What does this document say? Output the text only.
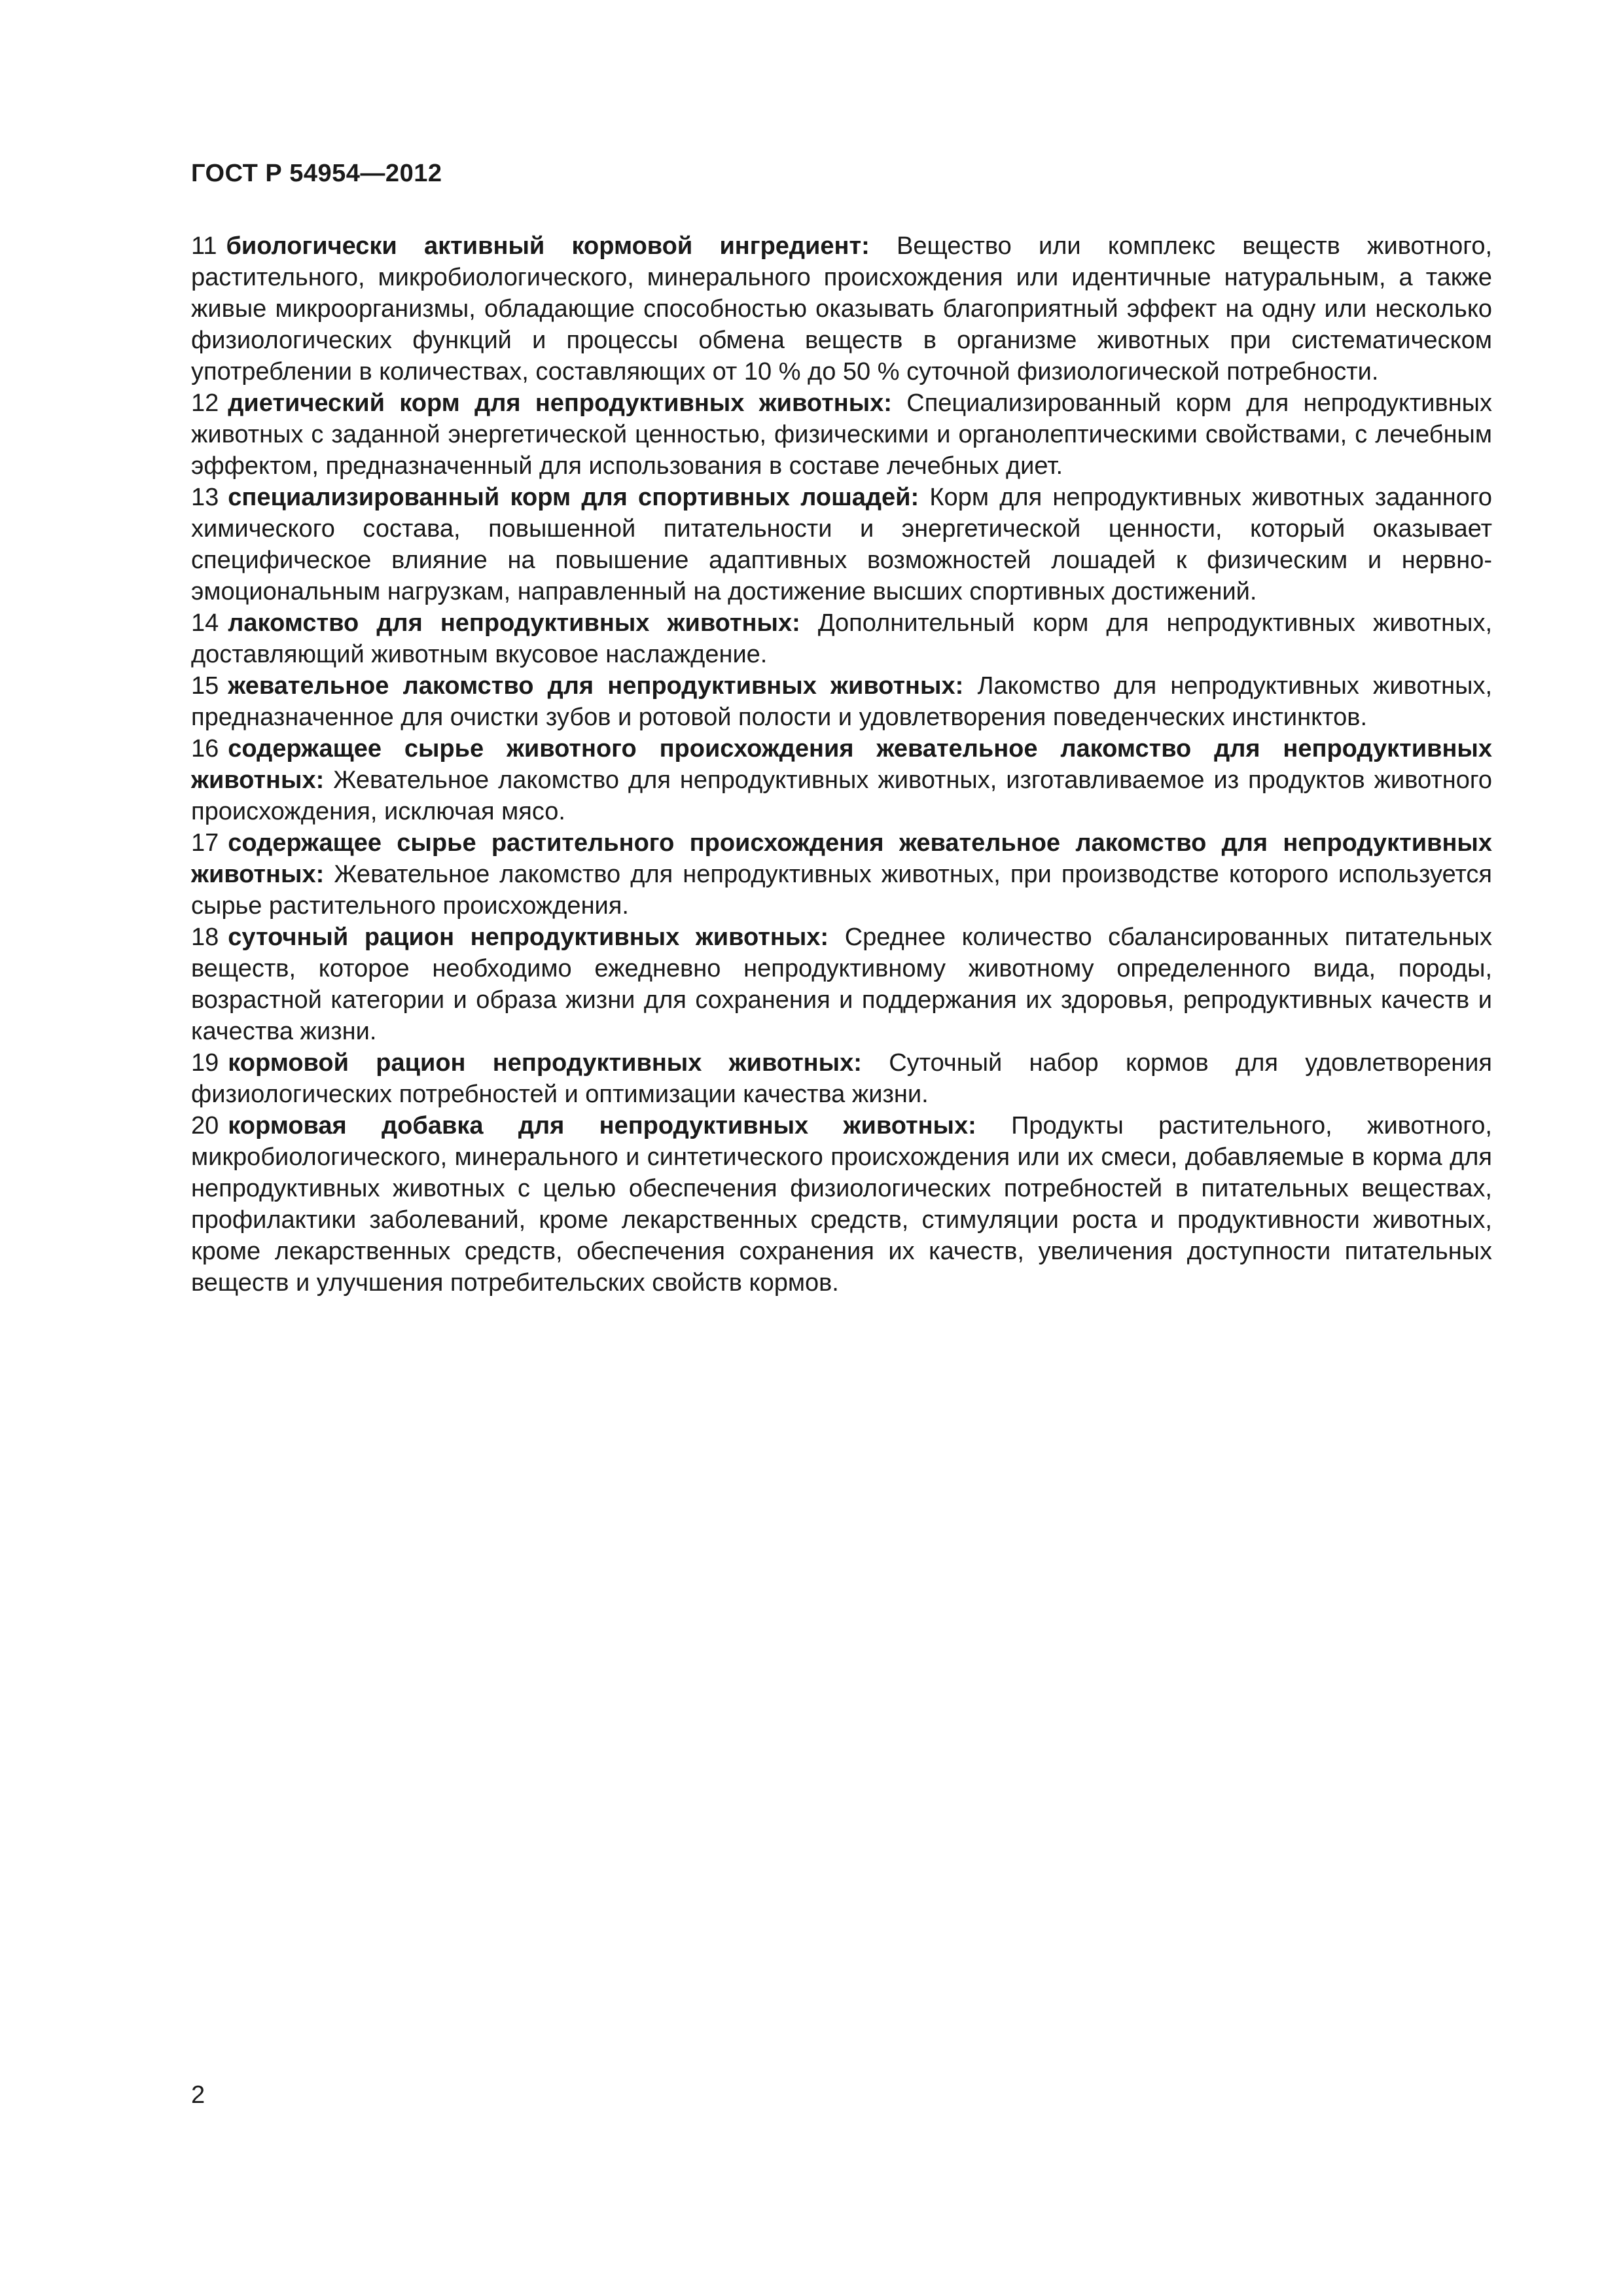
ГОСТ Р 54954—2012

11 биологически активный кормовой ингредиент: Вещество или комплекс веществ животного, растительного, микробиологического, минерального происхождения или идентичные натуральным, а также живые микроорганизмы, обладающие способностью оказывать благоприятный эффект на одну или несколько физиологических функций и процессы обмена веществ в организме животных при систематическом употреблении в количествах, составляющих от 10 % до 50 % суточной физиологической потребности.

12 диетический корм для непродуктивных животных: Специализированный корм для непродуктивных животных с заданной энергетической ценностью, физическими и органолептическими свойствами, с лечебным эффектом, предназначенный для использования в составе лечебных диет.

13 специализированный корм для спортивных лошадей: Корм для непродуктивных животных заданного химического состава, повышенной питательности и энергетической ценности, который оказывает специфическое влияние на повышение адаптивных возможностей лошадей к физическим и нервно-эмоциональным нагрузкам, направленный на достижение высших спортивных достижений.

14 лакомство для непродуктивных животных: Дополнительный корм для непродуктивных животных, доставляющий животным вкусовое наслаждение.

15 жевательное лакомство для непродуктивных животных: Лакомство для непродуктивных животных, предназначенное для очистки зубов и ротовой полости и удовлетворения поведенческих инстинктов.

16 содержащее сырье животного происхождения жевательное лакомство для непродуктивных животных: Жевательное лакомство для непродуктивных животных, изготавливаемое из продуктов животного происхождения, исключая мясо.

17 содержащее сырье растительного происхождения жевательное лакомство для непродуктивных животных: Жевательное лакомство для непродуктивных животных, при производстве которого используется сырье растительного происхождения.

18 суточный рацион непродуктивных животных: Среднее количество сбалансированных питательных веществ, которое необходимо ежедневно непродуктивному животному определенного вида, породы, возрастной категории и образа жизни для сохранения и поддержания их здоровья, репродуктивных качеств и качества жизни.

19 кормовой рацион непродуктивных животных: Суточный набор кормов для удовлетворения физиологических потребностей и оптимизации качества жизни.

20 кормовая добавка для непродуктивных животных: Продукты растительного, животного, микробиологического, минерального и синтетического происхождения или их смеси, добавляемые в корма для непродуктивных животных с целью обеспечения физиологических потребностей в питательных веществах, профилактики заболеваний, кроме лекарственных средств, стимуляции роста и продуктивности животных, кроме лекарственных средств, обеспечения сохранения их качеств, увеличения доступности питательных веществ и улучшения потребительских свойств кормов.

2
